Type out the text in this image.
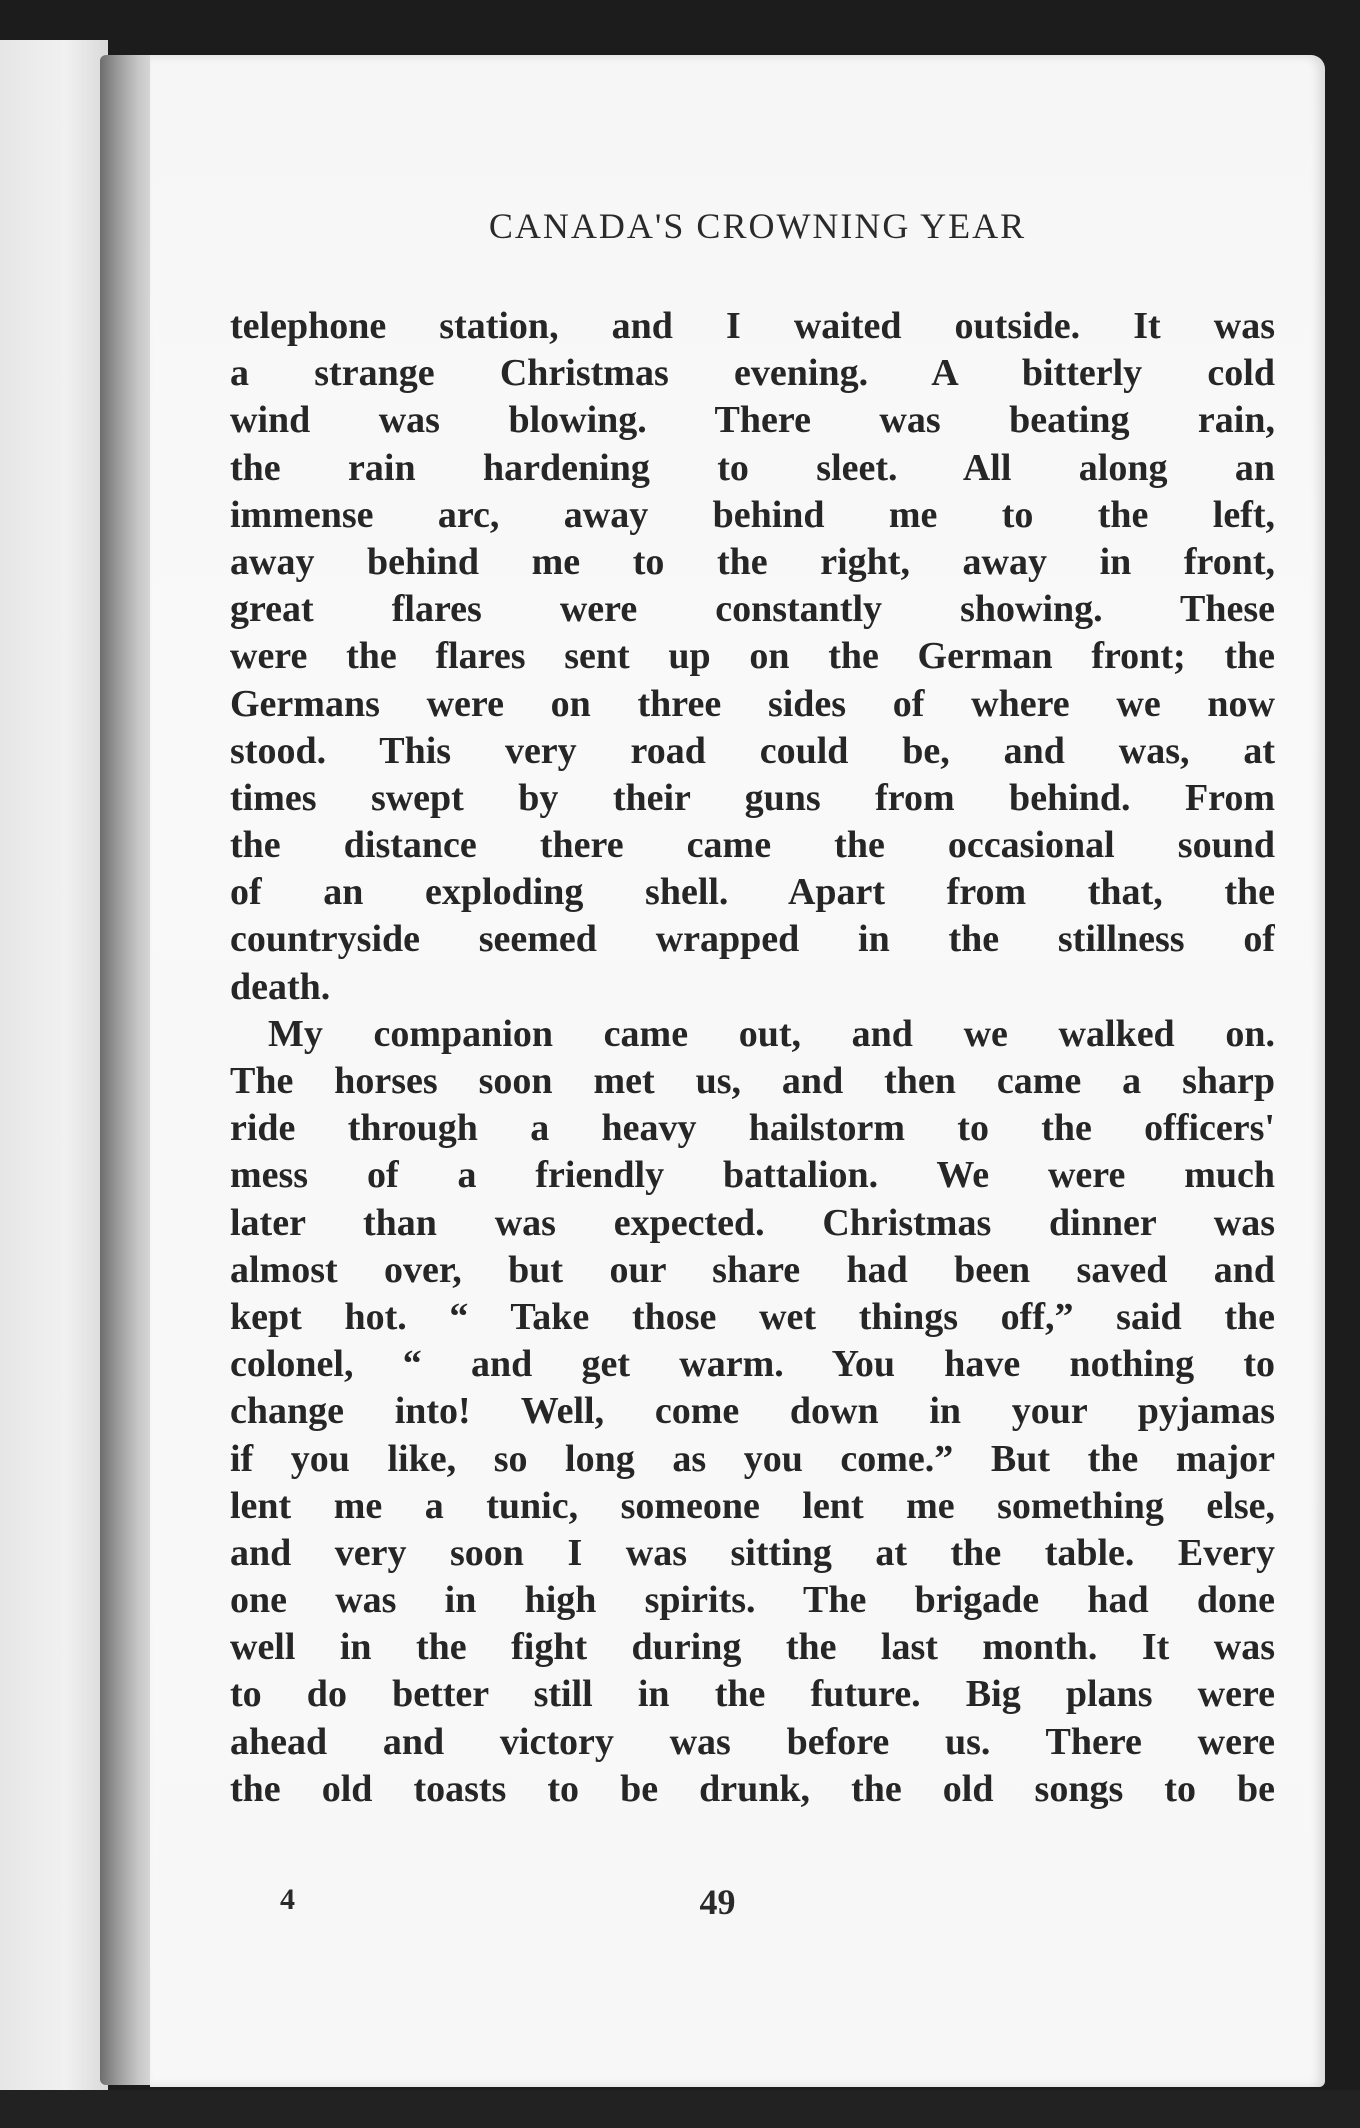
CANADA'S CROWNING YEAR
telephone station, and I waited outside. It was
a strange Christmas evening. A bitterly cold
wind was blowing. There was beating rain,
the rain hardening to sleet. All along an
immense arc, away behind me to the left,
away behind me to the right, away in front,
great flares were constantly showing. These
were the flares sent up on the German front; the
Germans were on three sides of where we now
stood. This very road could be, and was, at
times swept by their guns from behind. From
the distance there came the occasional sound
of an exploding shell. Apart from that, the
countryside seemed wrapped in the stillness of
death.
My companion came out, and we walked on.
The horses soon met us, and then came a sharp
ride through a heavy hailstorm to the officers'
mess of a friendly battalion. We were much
later than was expected. Christmas dinner was
almost over, but our share had been saved and
kept hot. “ Take those wet things off,” said the
colonel, “ and get warm. You have nothing to
change into! Well, come down in your pyjamas
if you like, so long as you come.” But the major
lent me a tunic, someone lent me something else,
and very soon I was sitting at the table. Every
one was in high spirits. The brigade had done
well in the fight during the last month. It was
to do better still in the future. Big plans were
ahead and victory was before us. There were
the old toasts to be drunk, the old songs to be
4	49
